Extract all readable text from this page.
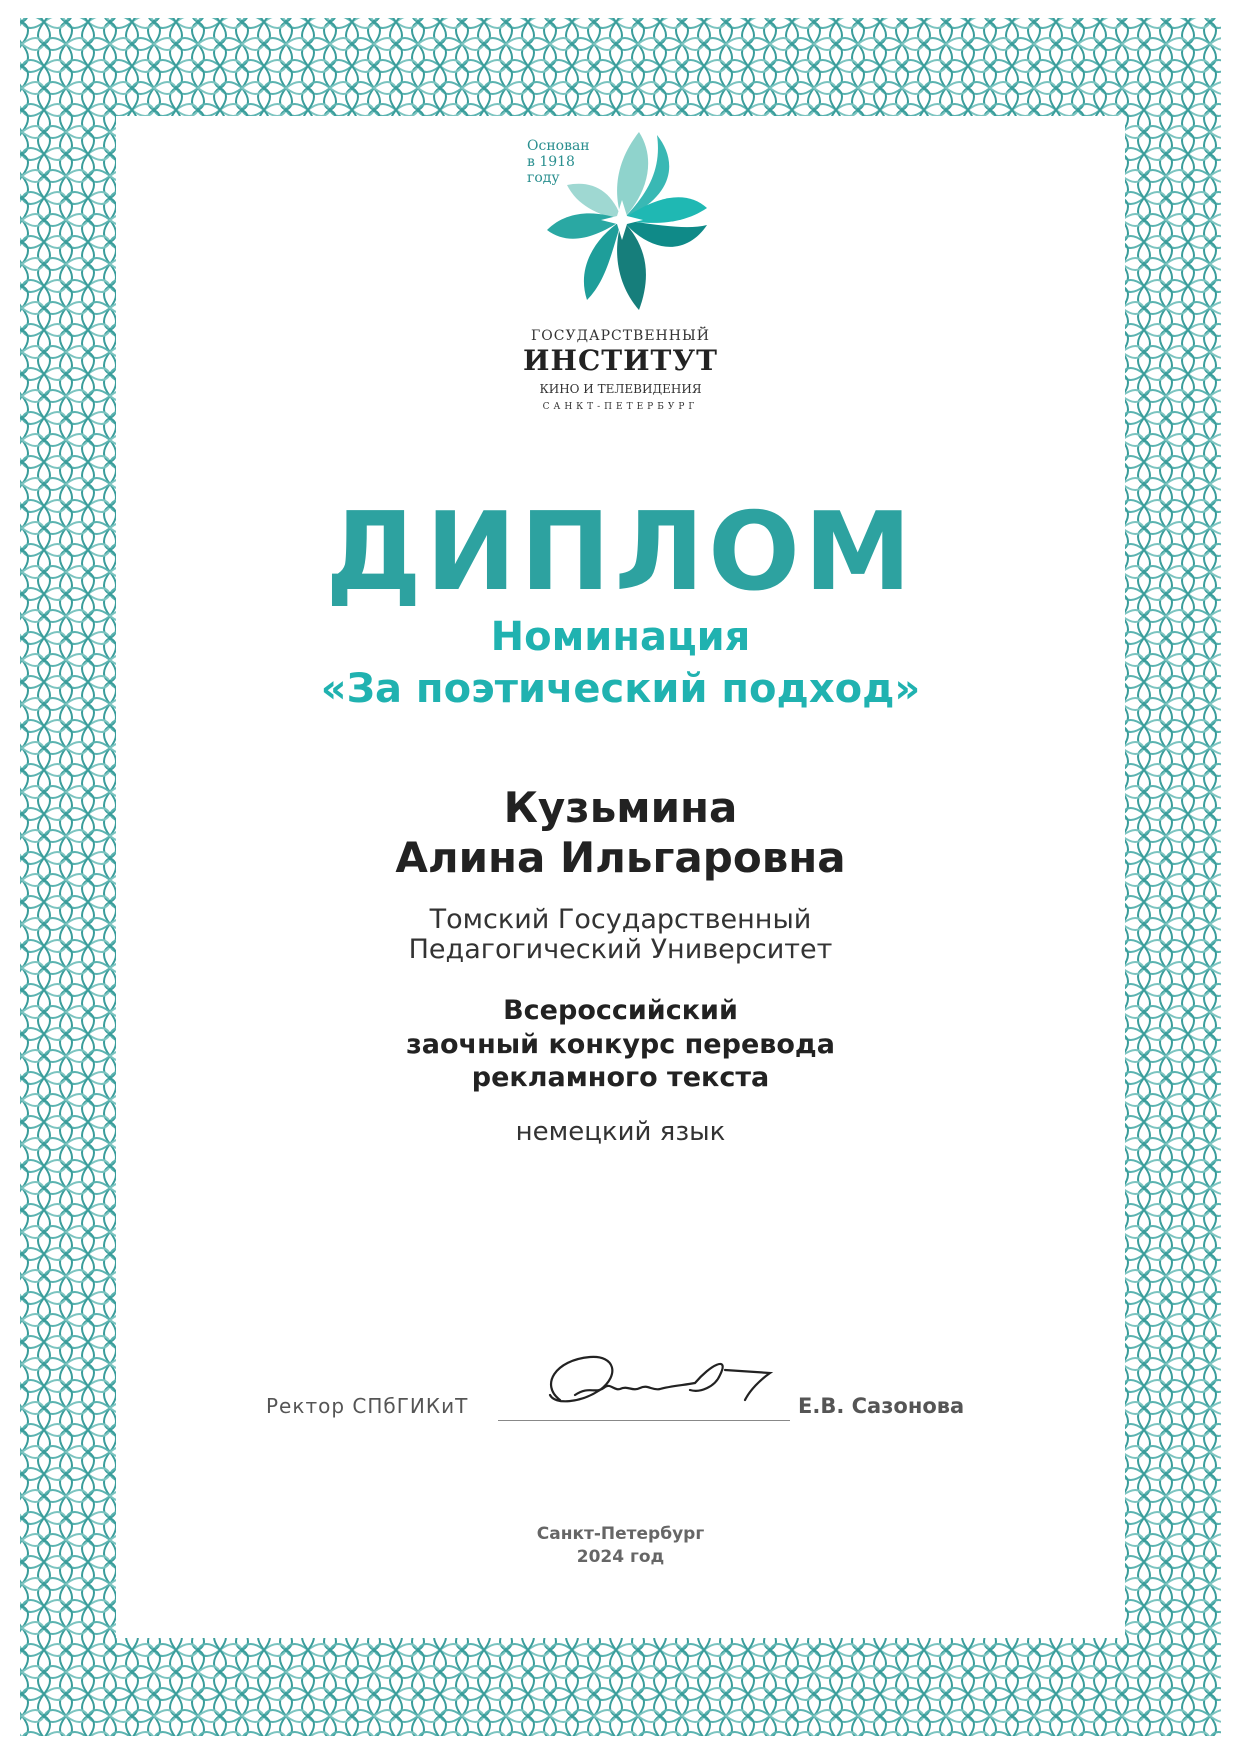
Основан
в 1918
году
ГОСУДАРСТВЕННЫЙ
ИНСТИТУТ
КИНО И ТЕЛЕВИДЕНИЯ
САНКТ-ПЕТЕРБУРГ
ДИПЛОМ
Номинация
«За поэтический подход»
Кузьмина
Алина Ильгаровна
Томский Государственный
Педагогический Университет
Всероссийский
заочный конкурс перевода
рекламного текста
немецкий язык
Ректор СПбГИКиТ	Е.В. Сазонова
Санкт-Петербург
2024 год
